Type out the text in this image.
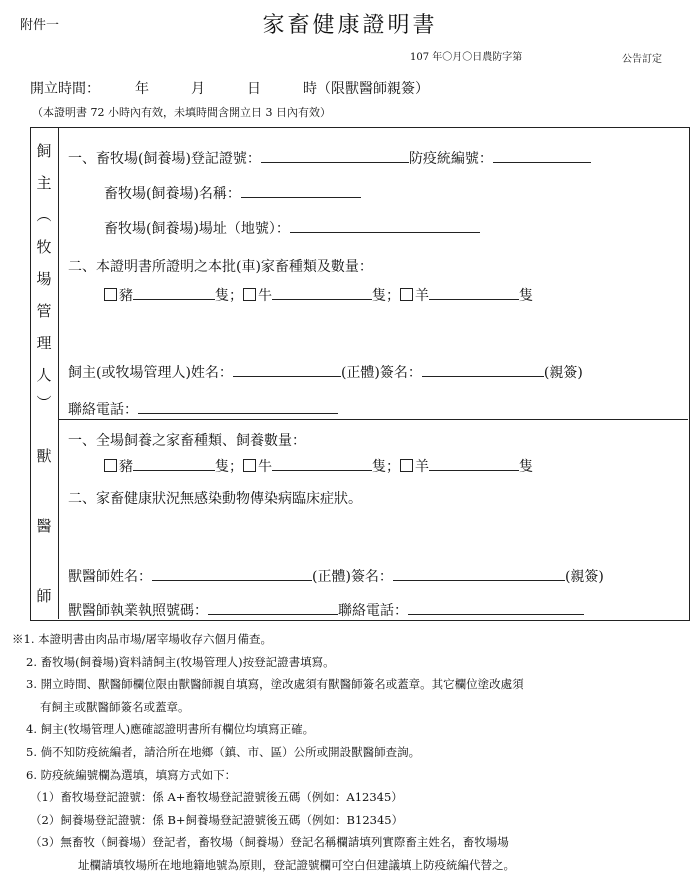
附件一	家畜健康證明書
107 年〇月〇日農防字第	公告訂定
開立時間：　　　年　　　月　　　日　　　時（限獸醫師親簽）
（本證明書 72 小時內有效，未填時間含開立日 3 日內有效）
飼
主
︵
牧
場
管
理
人
︶
獸
醫
師
一、畜牧場(飼養場)登記證號：	防疫統編號：
畜牧場(飼養場)名稱：
畜牧場(飼養場)場址（地號）：
二、本證明書所證明之本批(車)家畜種類及數量：
豬	隻； 牛	隻； 羊	隻
飼主(或牧場管理人)姓名：	(正體)簽名：	(親簽)
聯絡電話：
一、全場飼養之家畜種類、飼養數量：
豬	隻； 牛	隻； 羊	隻
二、家畜健康狀況無感染動物傳染病臨床症狀。
獸醫師姓名：	(正體)簽名：	(親簽)
獸醫師執業執照號碼：	聯絡電話：
※1. 本證明書由肉品市場/屠宰場收存六個月備查。
2. 畜牧場(飼養場)資料請飼主(牧場管理人)按登記證書填寫。
3. 開立時間、獸醫師欄位限由獸醫師親自填寫，塗改處須有獸醫師簽名或蓋章。其它欄位塗改處須
有飼主或獸醫師簽名或蓋章。
4. 飼主(牧場管理人)應確認證明書所有欄位均填寫正確。
5. 倘不知防疫統編者，請洽所在地鄉（鎮、市、區）公所或開設獸醫師查詢。
6. 防疫統編號欄為選填，填寫方式如下：
（1）畜牧場登記證號：係 A+畜牧場登記證號後五碼（例如：A12345）
（2）飼養場登記證號：係 B+飼養場登記證號後五碼（例如：B12345）
（3）無畜牧（飼養場）登記者，畜牧場（飼養場）登記名稱欄請填列實際畜主姓名，畜牧場場
址欄請填牧場所在地地籍地號為原則，登記證號欄可空白但建議填上防疫統編代替之。
